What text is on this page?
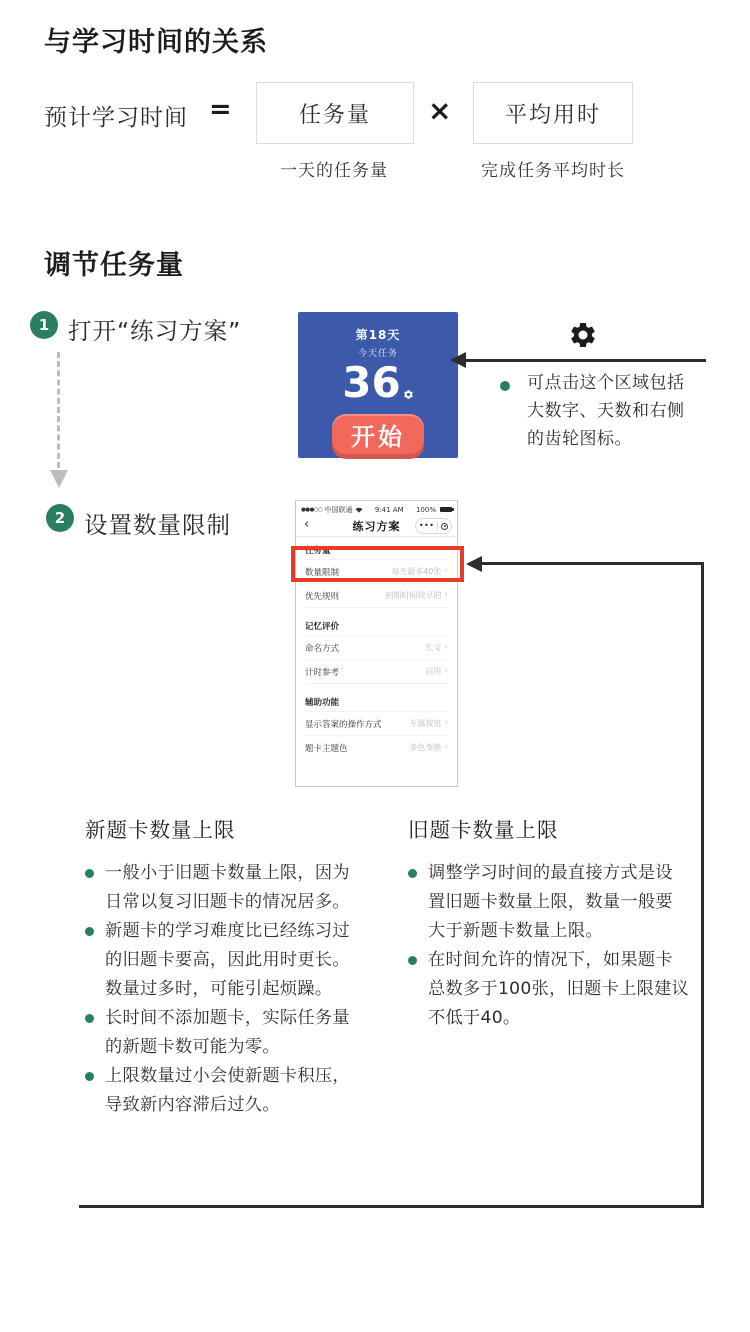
与学习时间的关系
预计学习时间 =	任务量	×	平均用时
一天的任务量	完成任务平均时长
调节任务量
1 打开“练习方案”	第18天
今天任务
36
开始
可点击这个区域包括大数字、天数和右侧的齿轮图标。
2 设置数量限制
●●●○○ 中国联通	9:41 AM 100%
‹	练习方案 •••
任务量
数量限制	每天最多40张 ›
优先规则	到期时间较早的 ›
记忆评价
命名方式	长文 ›
计时参考	启用 ›
辅助功能
显示答案的操作方式	专属按钮 ›
题卡主题色	多色变换 ›
新题卡数量上限
一般小于旧题卡数量上限，因为日常以复习旧题卡的情况居多。
新题卡的学习难度比已经练习过的旧题卡要高，因此用时更长。数量过多时，可能引起烦躁。
长时间不添加题卡，实际任务量的新题卡数可能为零。
上限数量过小会使新题卡积压，导致新内容滞后过久。
旧题卡数量上限
调整学习时间的最直接方式是设置旧题卡数量上限，数量一般要大于新题卡数量上限。
在时间允许的情况下，如果题卡总数多于100张，旧题卡上限建议不低于40。
